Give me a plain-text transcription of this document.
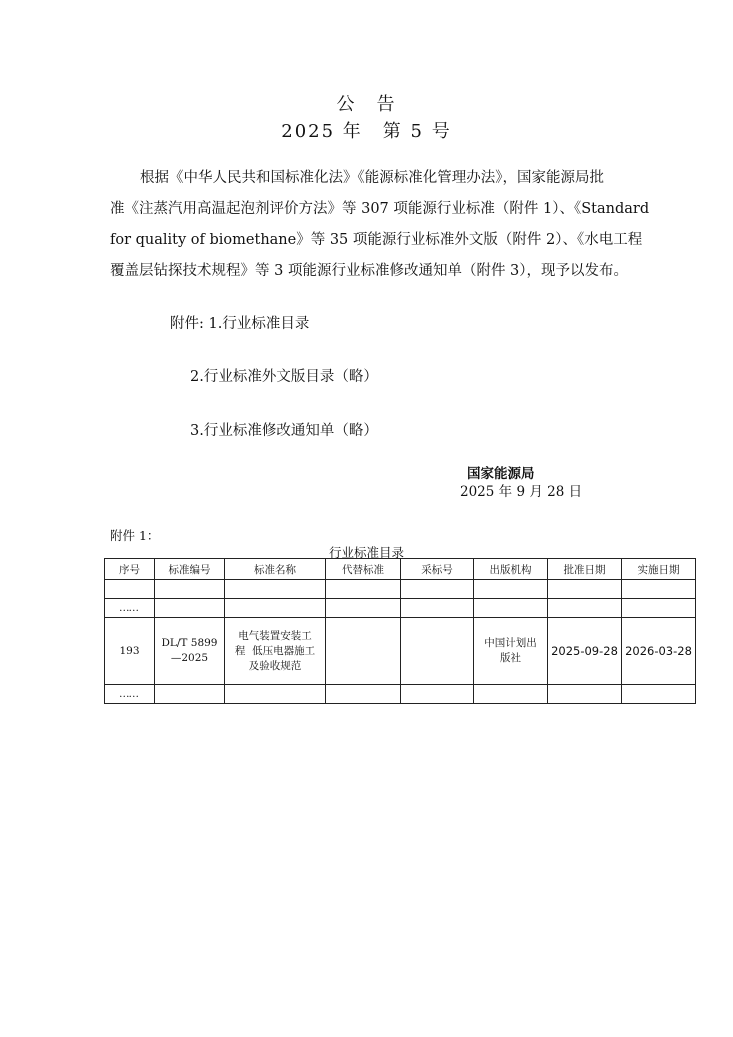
公　告
2025 年　第 5 号
根据《中华人民共和国标准化法》《能源标准化管理办法》，国家能源局批
准《注蒸汽用高温起泡剂评价方法》等 307 项能源行业标准（附件 1）、《Standard
for quality of biomethane》等 35 项能源行业标准外文版（附件 2）、《水电工程
覆盖层钻探技术规程》等 3 项能源行业标准修改通知单（附件 3），现予以发布。
附件: 1.行业标准目录
2.行业标准外文版目录（略）
3.行业标准修改通知单（略）
国家能源局
2025 年 9 月 28 日
附件 1：
行业标准目录
序号	标准编号	标准名称	代替标准	采标号	出版机构	批准日期	实施日期

……							
193	DL/T 5899
—2025	电气装置安装工
程  低压电器施工
及验收规范			中国计划出
版社	2025-09-28	2026-03-28
……							
